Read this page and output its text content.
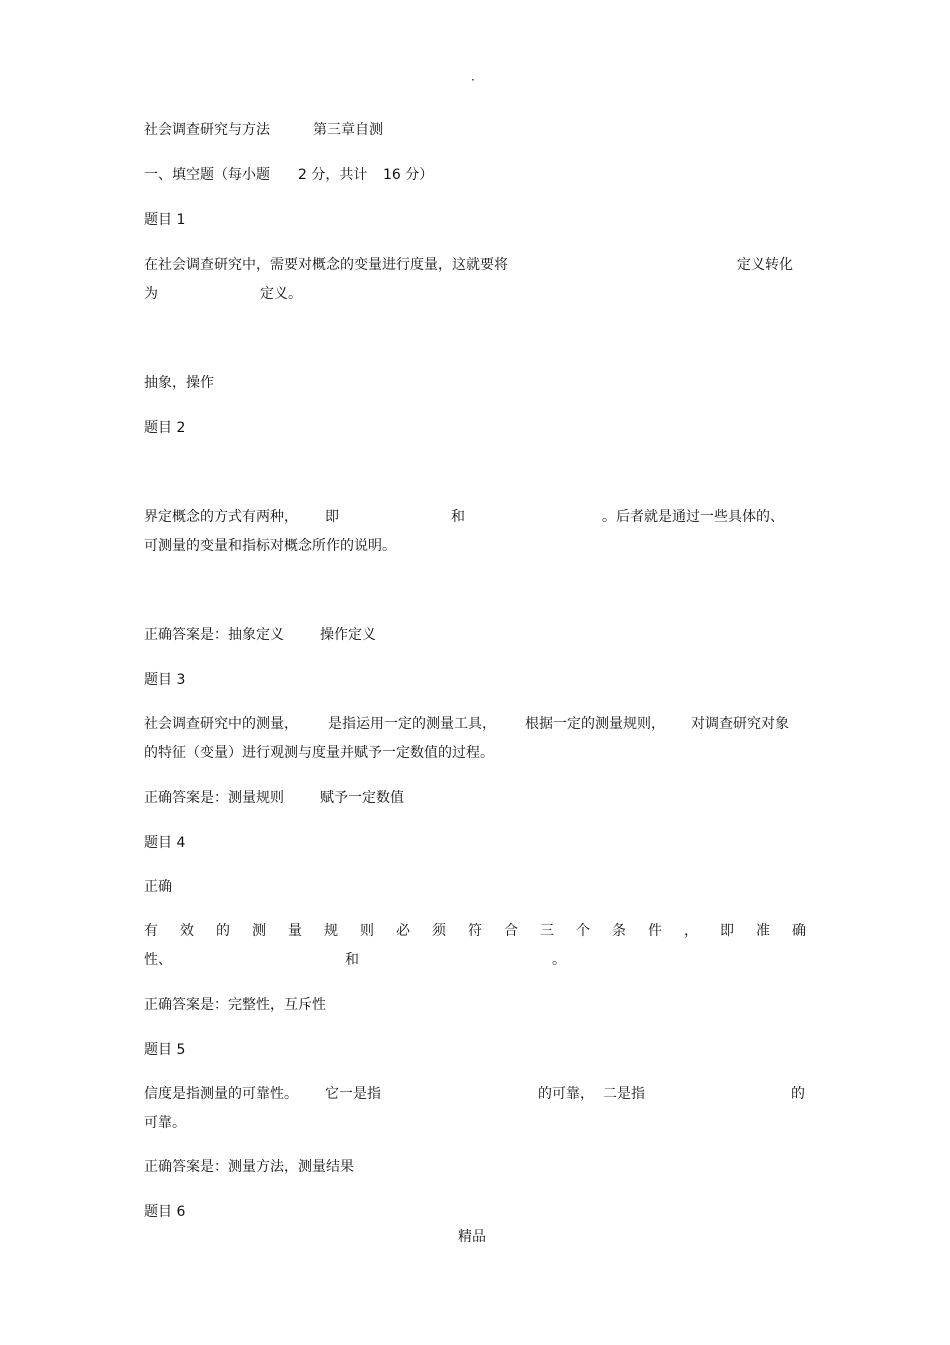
·
社会调查研究与方法	第三章自测
一、填空题（每小题 2 分，共计 16 分）
题目 1
在社会调查研究中，需要对概念的变量进行度量，这就要将	定义转化
为	定义。
抽象，操作
题目 2
界定概念的方式有两种， 即	和	。后者就是通过一些具体的、
可测量的变量和指标对概念所作的说明。
正确答案是：抽象定义	操作定义
题目 3
社会调查研究中的测量， 是指运用一定的测量工具， 根据一定的测量规则， 对调查研究对象
的特征（变量）进行观测与度量并赋予一定数值的过程。
正确答案是：测量规则	赋予一定数值
题目 4
正确
有 效 的 测 量 规 则 必 须 符 合 三 个 条 件 ， 即 准 确
性、	和	。
正确答案是：完整性，互斥性
题目 5
信度是指测量的可靠性。 它一是指	的可靠， 二是指	的
可靠。
正确答案是：测量方法，测量结果
题目 6
精品
